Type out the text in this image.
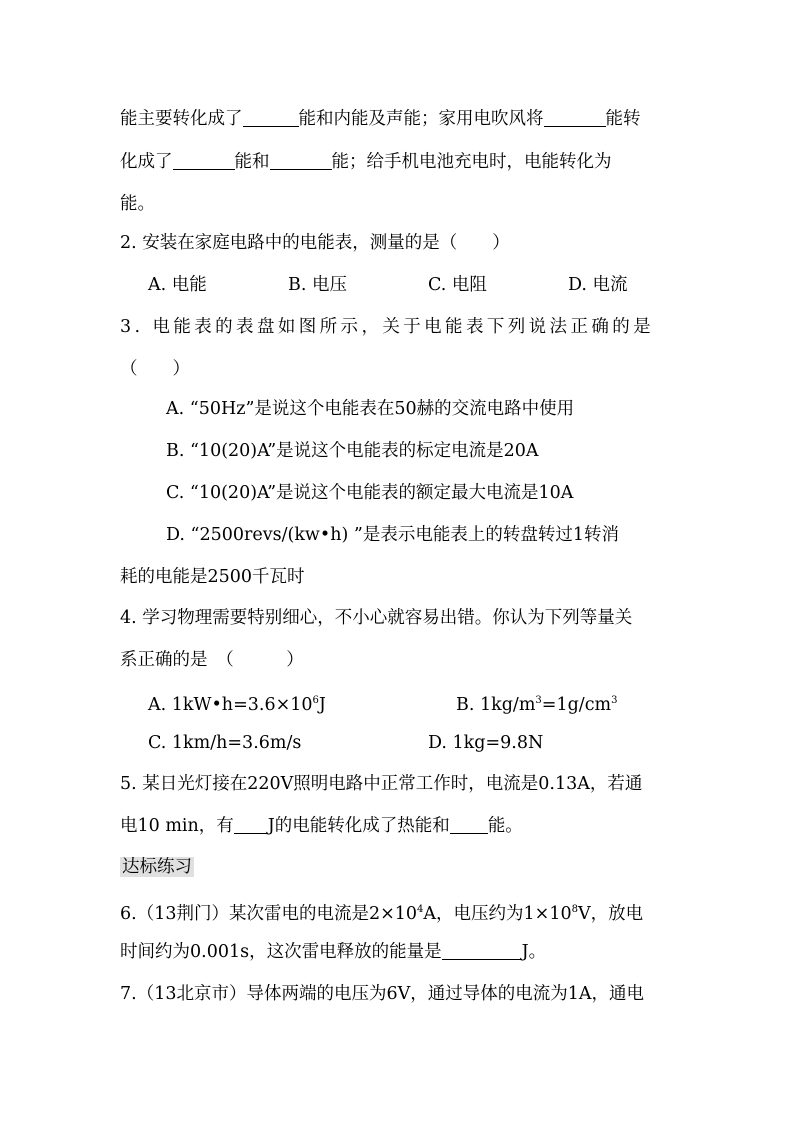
能主要转化成了	能和内能及声能；家用电吹风将	能转
化成了	能和	能；给手机电池充电时，电能转化为
能。
2. 安装在家庭电路中的电能表，测量的是（　　）
A. 电能	B. 电压	C. 电阻	D. 电流
3. 电能表的表盘如图所示，关于电能表下列说法正确的是
（　　）
A. “50Hz”是说这个电能表在50赫的交流电路中使用
B. “10(20)A”是说这个电能表的标定电流是20A
C. “10(20)A”是说这个电能表的额定最大电流是10A
D. “2500revs/(kw•h) ”是表示电能表上的转盘转过1转消
耗的电能是2500千瓦时
4. 学习物理需要特别细心，不小心就容易出错。你认为下列等量关
系正确的是　（　　　）
A. $1kW•h=3.6\times 10^6J$	B. $1kg/m^3=1g/cm^3$
C. 1km/h=3.6m/s	D. 1kg=9.8N
5. 某日光灯接在220V照明电路中正常工作时，电流是0.13A，若通
电10 min，有 J的电能转化成了热能和 能。
达标练习
6.（13荆门）某次雷电的电流是$2\times 10^4A$，电压约为$1\times 10^8V$，放电
时间约为0.001s，这次雷电释放的能量是	J。
7.（13北京市）导体两端的电压为6V，通过导体的电流为1A，通电
